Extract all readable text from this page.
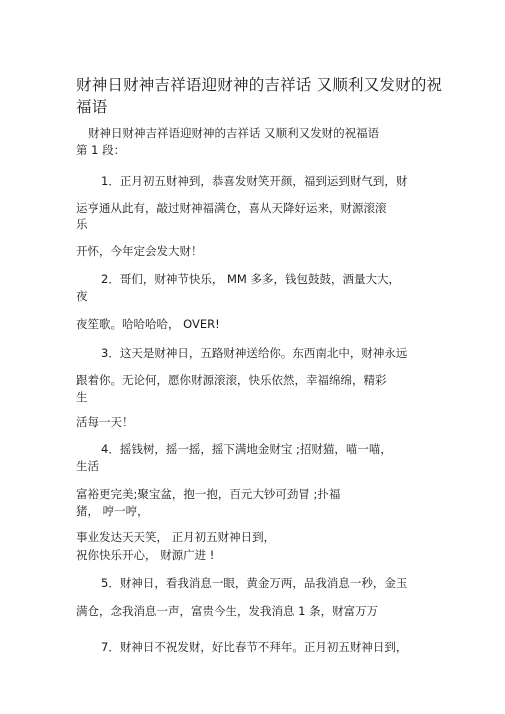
财神日财神吉祥语迎财神的吉祥话 又顺利又发财的祝
福语
财神日财神吉祥语迎财神的吉祥话 又顺利又发财的祝福语
第 1 段：
1．正月初五财神到，恭喜发财笑开颜，福到运到财气到，财
运亨通从此有，敲过财神福满仓，喜从天降好运来，财源滚滚
乐
开怀，今年定会发大财！
2．哥们，财神节快乐， MM 多多，钱包鼓鼓，酒量大大，
夜
夜笙歌。哈哈哈哈， OVER!
3．这天是财神日，五路财神送给你。东西南北中，财神永远
跟着你。无论何，愿你财源滚滚，快乐依然，幸福绵绵，精彩
生
活每一天！
4．摇钱树，摇一摇，摇下满地金财宝 ;招财猫，喵一喵，
生活
富裕更完美;聚宝盆，抱一抱，百元大钞可劲冒 ;扑福
猪， 哼一哼，
事业发达天天笑， 正月初五财神日到，
祝你快乐开心， 财源广进 !
5．财神日，看我消息一眼，黄金万两，品我消息一秒，金玉
满仓，念我消息一声，富贵今生，发我消息 1 条，财富万万
7．财神日不祝发财，好比春节不拜年。正月初五财神日到，
